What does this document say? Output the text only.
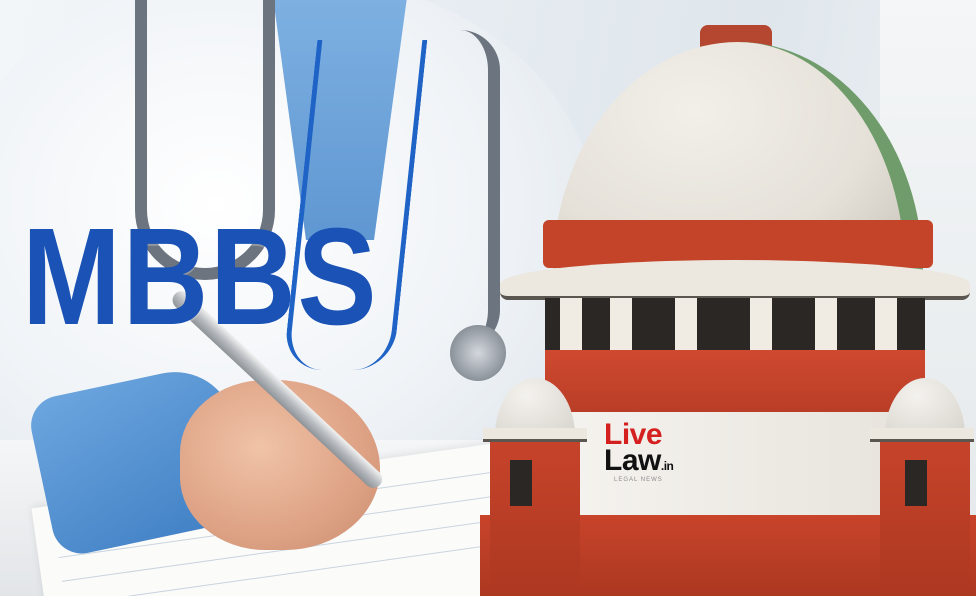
MBBS
Live
Law.in
LEGAL NEWS
